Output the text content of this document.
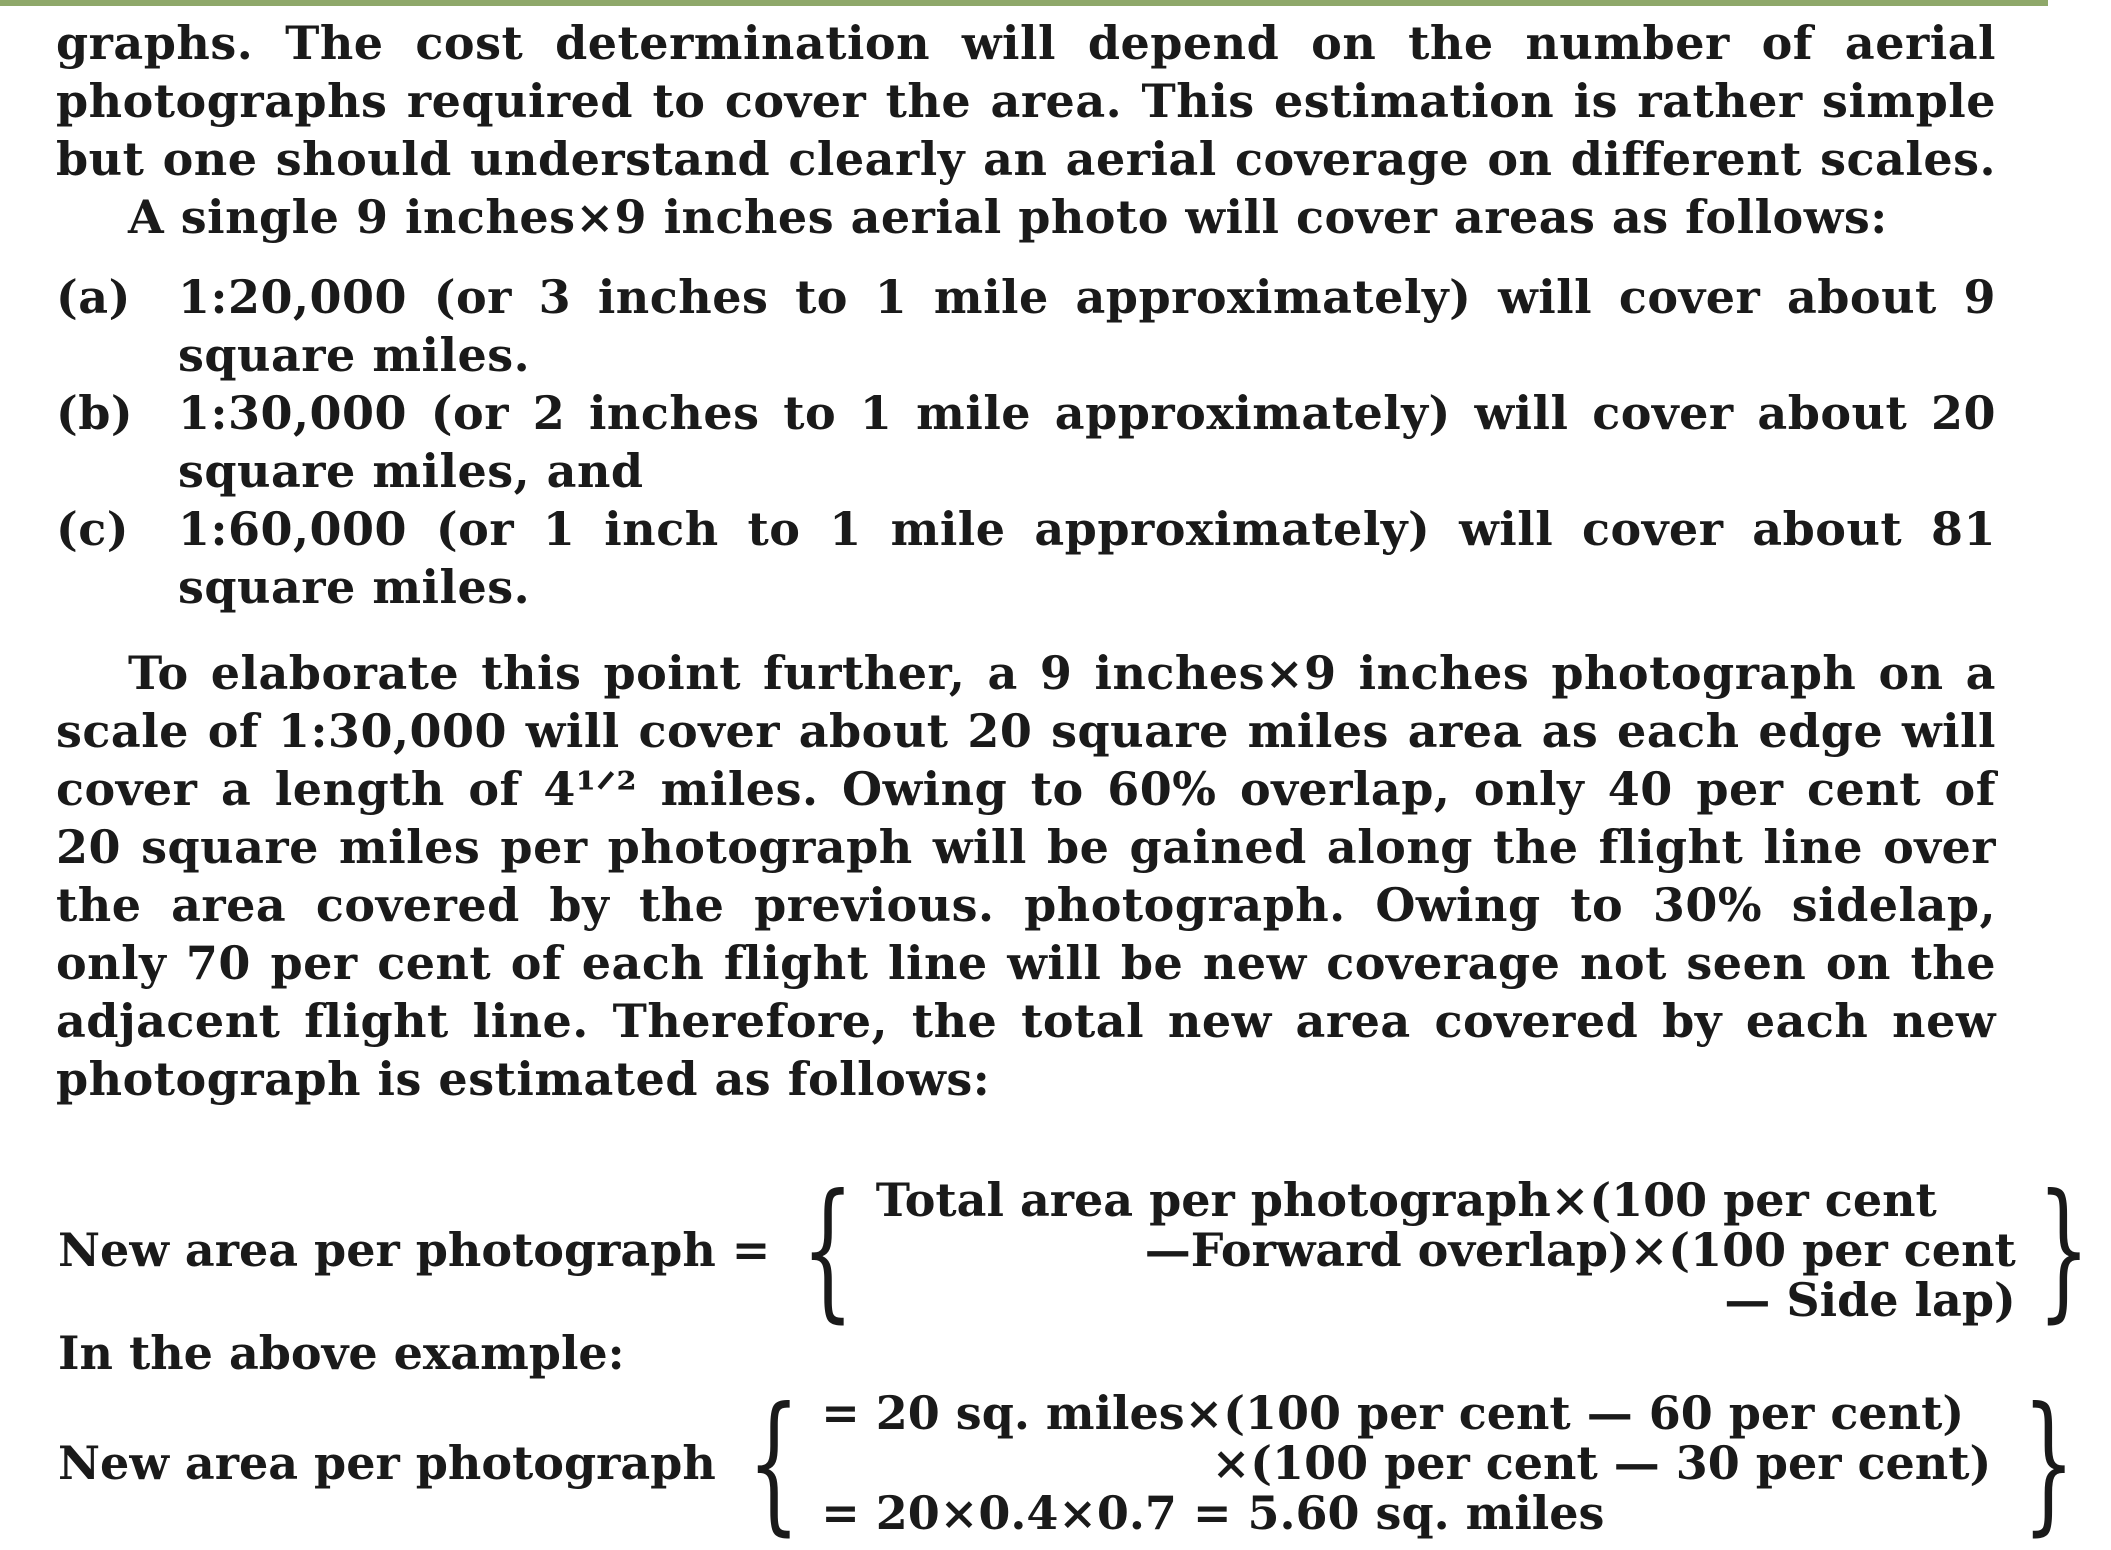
graphs. The cost determination will depend on the number of aerial
photographs required to cover the area. This estimation is rather simple
but one should understand clearly an aerial coverage on different scales.
A single 9 inches×9 inches aerial photo will cover areas as follows:
(a)	1:20,000 (or 3 inches to 1 mile approximately) will cover about 9
square miles.
(b) 1:30,000 (or 2 inches to 1 mile approximately) will cover about 20
square miles, and
(c)	1:60,000 (or 1 inch to 1 mile approximately) will cover about 81
square miles.
To elaborate this point further, a 9 inches×9 inches photograph on a
scale of 1:30,000 will cover about 20 square miles area as each edge will
cover a length of 4¹ᐟ² miles. Owing to 60% overlap, only 40 per cent of
20 square miles per photograph will be gained along the flight line over
the area covered by the previous. photograph. Owing to 30% sidelap,
only 70 per cent of each flight line will be new coverage not seen on the
adjacent flight line. Therefore, the total new area covered by each new
photograph is estimated as follows:
New area per photograph = { Total area per photograph×(100 per cent
—Forward overlap)×(100 per cent
— Side lap) }
In the above example:
New area per photograph { = 20 sq. miles×(100 per cent — 60 per cent)
×(100 per cent — 30 per cent)
= 20×0.4×0.7 = 5.60 sq. miles	}
